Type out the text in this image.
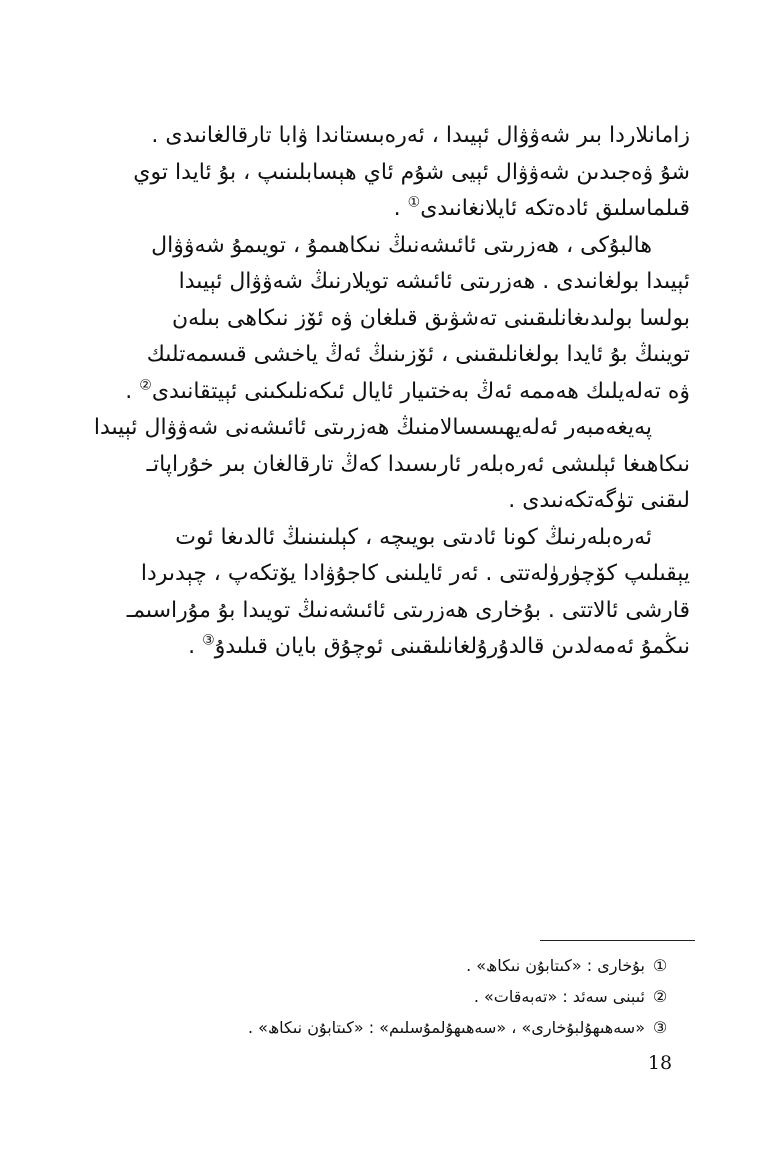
زامانلاردا بىر شەۋۋال ئېيىدا ، ئەرەبىستاندا ۋابا تارقالغانىدى .
شۇ ۋەجىدىن شەۋۋال ئېيى شۇم ئاي ھېسابلىنىپ ، بۇ ئايدا توي
قىلماسلىق ئادەتكە ئايلانغانىدى① .
ھالبۇكى ، ھەزرىتى ئائىشەنىڭ نىكاھىمۇ ، تويىمۇ شەۋۋال
ئېيىدا بولغانىدى . ھەزرىتى ئائىشە تويلارنىڭ شەۋۋال ئېيىدا
بولسا بولىدىغانلىقىنى تەشۋىق قىلغان ۋە ئۆز نىكاھى بىلەن
توينىڭ بۇ ئايدا بولغانلىقىنى ، ئۆزىنىڭ ئەڭ ياخشى قىسمەتلىك
ۋە تەلەيلىك ھەممە ئەڭ بەختىيار ئايال ئىكەنلىكىنى ئېيتقانىدى② .
پەيغەمبەر ئەلەيھىسسالامنىڭ ھەزرىتى ئائىشەنى شەۋۋال ئېيىدا
نىكاھىغا ئېلىشى ئەرەبلەر ئارىسىدا كەڭ تارقالغان بىر خۇراپاتـ
لىقنى تۈگەتكەنىدى .
ئەرەبلەرنىڭ كونا ئادىتى بويىچە ، كېلىنىنىڭ ئالدىغا ئوت
يېقىلىپ كۆچۈرۈلەتتى . ئەر ئايلىنى كاجۇۋادا يۆتكەپ ، چېدىردا
قارشى ئالاتتى . بۇخارى ھەزرىتى ئائىشەنىڭ تويىدا بۇ مۇراسىمـ
نىڭمۇ ئەمەلدىن قالدۇرۇلغانلىقىنى ئوچۇق بايان قىلىدۇ③ .
①بۇخارى : «كىتابۇن نىكاھ» .
②ئىبنى سەئد : «تەبەقات» .
③«سەھىھۇلبۇخارى» ، «سەھىھۇلمۇسلىم» : «كىتابۇن نىكاھ» .
18
